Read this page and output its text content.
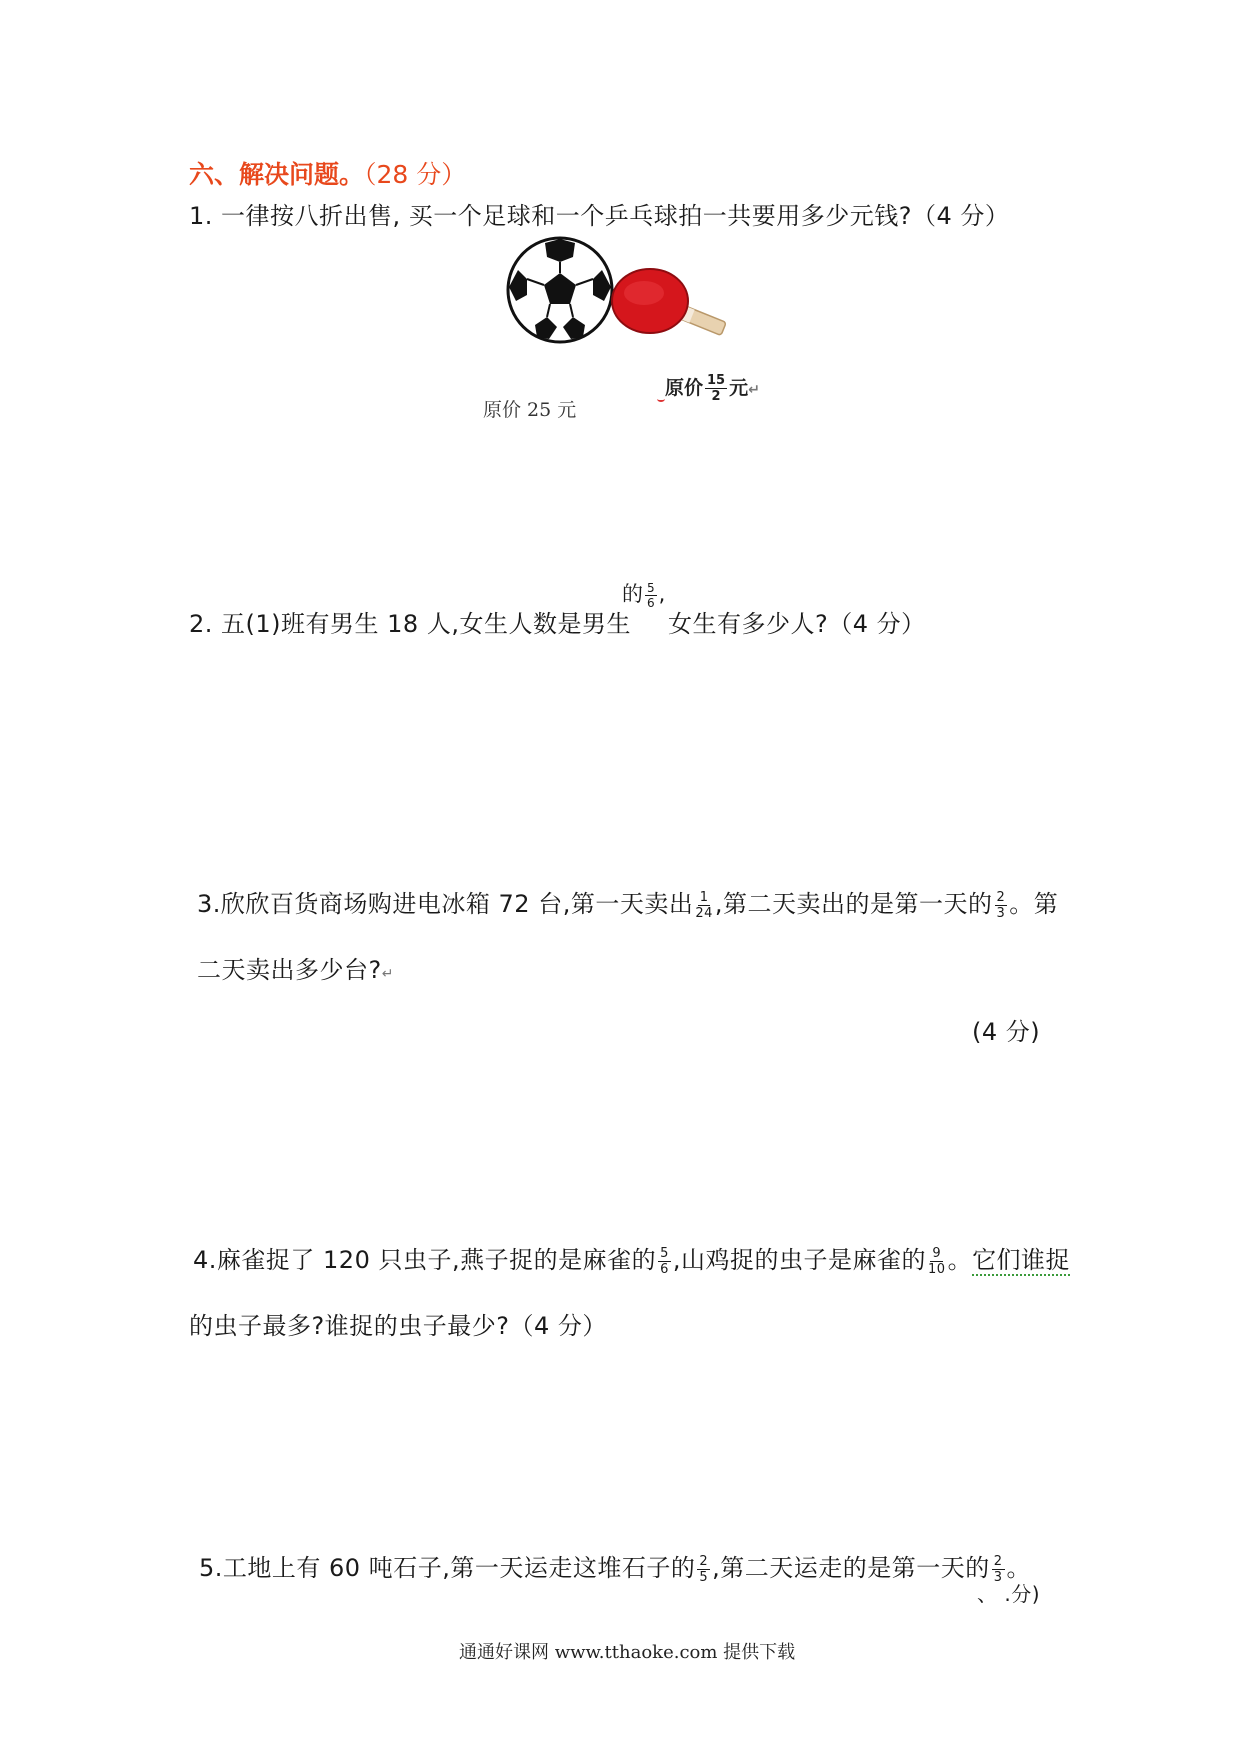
六、解决问题。（28 分）
1. 一律按八折出售, 买一个足球和一个乒乓球拍一共要用多少元钱?（4 分）
原价 25 元
原价 $\frac{15}{2}$ 元↵
2. 五(1)班有男生 18 人,女生人数是男生
的 $\frac{5}{6}$ ,
女生有多少人?（4 分）
3.欣欣百货商场购进电冰箱 72 台,第一天卖出 $\frac{1}{24}$ ,第二天卖出的是第一天的 $\frac{2}{3}$ 。第
二天卖出多少台?↵
(4 分)
4.麻雀捉了 120 只虫子,燕子捉的是麻雀的 $\frac{5}{6}$ ,山鸡捉的虫子是麻雀的 $\frac{9}{10}$ 。它们谁捉
的虫子最多?谁捉的虫子最少?（4 分）
5.工地上有 60 吨石子,第一天运走这堆石子的 $\frac{2}{5}$ ,第二天运走的是第一天的 $\frac{2}{3}$ 。
、 .分)
通通好课网 www.tthaoke.com 提供下载
